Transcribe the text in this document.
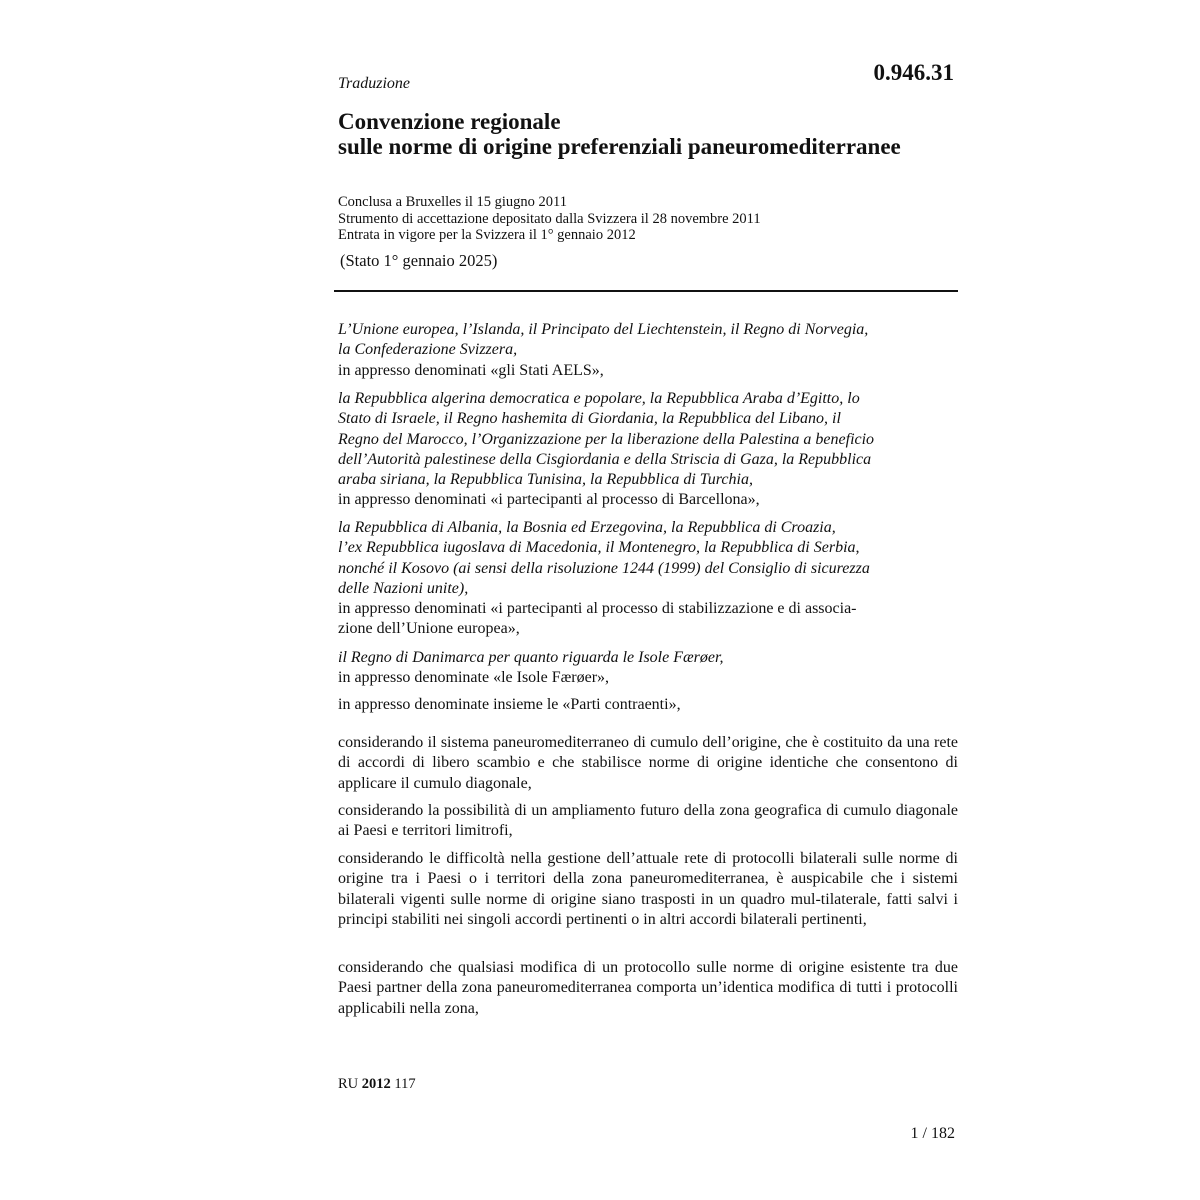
0.946.31
Traduzione
Convenzione regionale
sulle norme di origine preferenziali paneuromediterranee
Conclusa a Bruxelles il 15 giugno 2011
Strumento di accettazione depositato dalla Svizzera il 28 novembre 2011
Entrata in vigore per la Svizzera il 1° gennaio 2012
(Stato 1° gennaio 2025)
L’Unione europea, l’Islanda, il Principato del Liechtenstein, il Regno di Norvegia,
la Confederazione Svizzera,
in appresso denominati «gli Stati AELS»,
la Repubblica algerina democratica e popolare, la Repubblica Araba d’Egitto, lo
Stato di Israele, il Regno hashemita di Giordania, la Repubblica del Libano, il
Regno del Marocco, l’Organizzazione per la liberazione della Palestina a beneficio
dell’Autorità palestinese della Cisgiordania e della Striscia di Gaza, la Repubblica
araba siriana, la Repubblica Tunisina, la Repubblica di Turchia,
in appresso denominati «i partecipanti al processo di Barcellona»,
la Repubblica di Albania, la Bosnia ed Erzegovina, la Repubblica di Croazia,
l’ex Repubblica iugoslava di Macedonia, il Montenegro, la Repubblica di Serbia,
nonché il Kosovo (ai sensi della risoluzione 1244 (1999) del Consiglio di sicurezza
delle Nazioni unite),
in appresso denominati «i partecipanti al processo di stabilizzazione e di associa-
zione dell’Unione europea»,
il Regno di Danimarca per quanto riguarda le Isole Færøer,
in appresso denominate «le Isole Færøer»,
in appresso denominate insieme le «Parti contraenti»,
considerando il sistema paneuromediterraneo di cumulo dell’origine, che è costituito da una rete di accordi di libero scambio e che stabilisce norme di origine identiche che consentono di applicare il cumulo diagonale,
considerando la possibilità di un ampliamento futuro della zona geografica di cumulo diagonale ai Paesi e territori limitrofi,
considerando le difficoltà nella gestione dell’attuale rete di protocolli bilaterali sulle norme di origine tra i Paesi o i territori della zona paneuromediterranea, è auspicabile che i sistemi bilaterali vigenti sulle norme di origine siano trasposti in un quadro mul-tilaterale, fatti salvi i principi stabiliti nei singoli accordi pertinenti o in altri accordi bilaterali pertinenti,
considerando che qualsiasi modifica di un protocollo sulle norme di origine esistente tra due Paesi partner della zona paneuromediterranea comporta un’identica modifica di tutti i protocolli applicabili nella zona,
RU 2012 117
1 / 182
